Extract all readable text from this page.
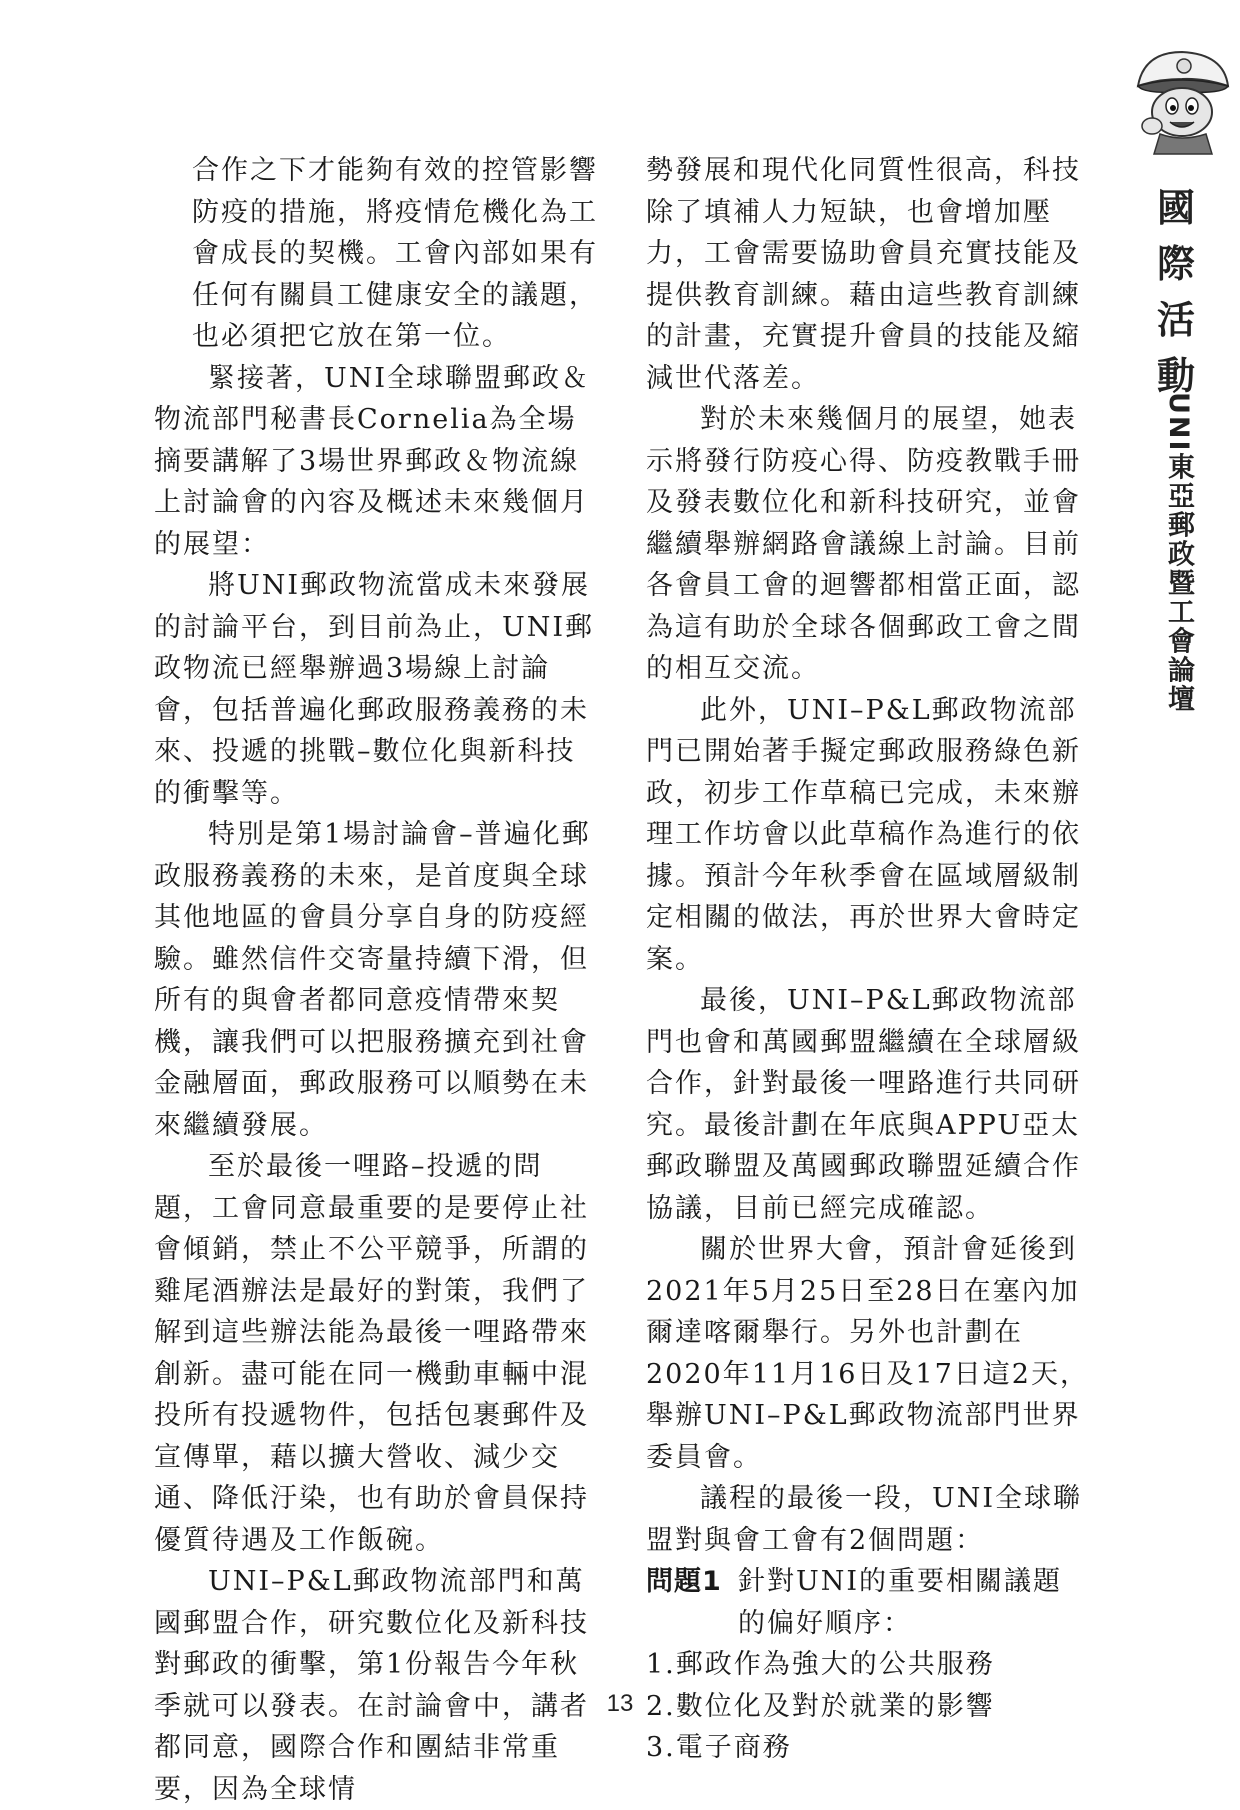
合作之下才能夠有效的控管影響
防疫的措施，將疫情危機化為工
會成長的契機。工會內部如果有
任何有關員工健康安全的議題，
也必須把它放在第一位。

緊接著，UNI全球聯盟郵政＆物流部門秘書長Cornelia為全場摘要講解了3場世界郵政＆物流線上討論會的內容及概述未來幾個月的展望：

將UNI郵政物流當成未來發展的討論平台，到目前為止，UNI郵政物流已經舉辦過3場線上討論會，包括普遍化郵政服務義務的未來、投遞的挑戰–數位化與新科技的衝擊等。

特別是第1場討論會–普遍化郵政服務義務的未來，是首度與全球其他地區的會員分享自身的防疫經驗。雖然信件交寄量持續下滑，但所有的與會者都同意疫情帶來契機，讓我們可以把服務擴充到社會金融層面，郵政服務可以順勢在未來繼續發展。

至於最後一哩路–投遞的問題，工會同意最重要的是要停止社會傾銷，禁止不公平競爭，所謂的雞尾酒辦法是最好的對策，我們了解到這些辦法能為最後一哩路帶來創新。盡可能在同一機動車輛中混投所有投遞物件，包括包裹郵件及宣傳單，藉以擴大營收、減少交通、降低汙染，也有助於會員保持優質待遇及工作飯碗。

UNI–P&L郵政物流部門和萬國郵盟合作，研究數位化及新科技對郵政的衝擊，第1份報告今年秋季就可以發表。在討論會中，講者都同意，國際合作和團結非常重要，因為全球情

勢發展和現代化同質性很高，科技除了填補人力短缺，也會增加壓力，工會需要協助會員充實技能及提供教育訓練。藉由這些教育訓練的計畫，充實提升會員的技能及縮減世代落差。

對於未來幾個月的展望，她表示將發行防疫心得、防疫教戰手冊及發表數位化和新科技研究，並會繼續舉辦網路會議線上討論。目前各會員工會的迴響都相當正面，認為這有助於全球各個郵政工會之間的相互交流。

此外，UNI–P&L郵政物流部門已開始著手擬定郵政服務綠色新政，初步工作草稿已完成，未來辦理工作坊會以此草稿作為進行的依據。預計今年秋季會在區域層級制定相關的做法，再於世界大會時定案。

最後，UNI–P&L郵政物流部門也會和萬國郵盟繼續在全球層級合作，針對最後一哩路進行共同研究。最後計劃在年底與APPU亞太郵政聯盟及萬國郵政聯盟延續合作協議，目前已經完成確認。

關於世界大會，預計會延後到2021年5月25日至28日在塞內加爾達喀爾舉行。另外也計劃在2020年11月16日及17日這2天，舉辦UNI–P&L郵政物流部門世界委員會。

議程的最後一段，UNI全球聯盟對與會工會有2個問題：

問題1 針對UNI的重要相關議題的偏好順序：
1.郵政作為強大的公共服務
2.數位化及對於就業的影響
3.電子商務
國際活動
UNI東亞郵政暨工會論壇
13
